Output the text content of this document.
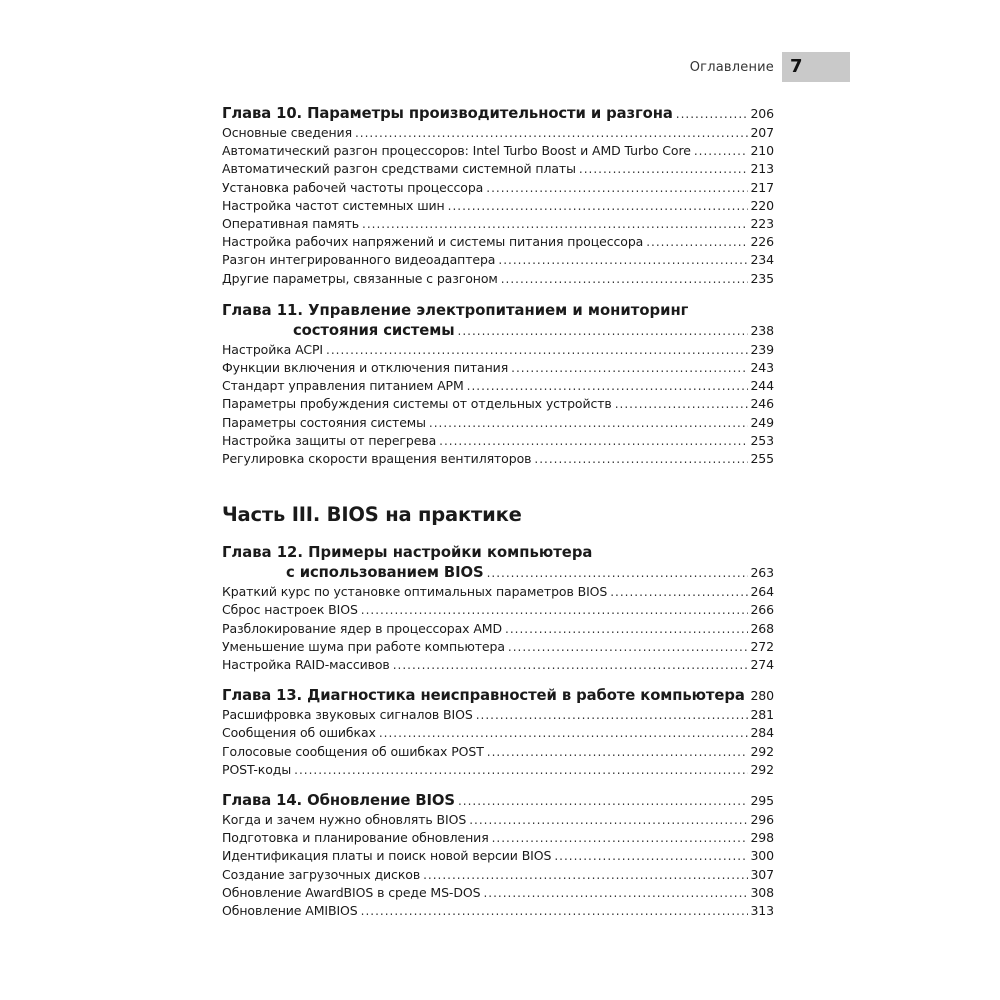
Оглавление 7
Глава 10. Параметры производительности и разгона .....	206
Основные сведения .....	207
Автоматический разгон процессоров: Intel Turbo Boost и AMD Turbo Core .....	210
Автоматический разгон средствами системной платы .....	213
Установка рабочей частоты процессора .....	217
Настройка частот системных шин .....	220
Оперативная память .....	223
Настройка рабочих напряжений и системы питания процессора .....	226
Разгон интегрированного видеоадаптера .....	234
Другие параметры, связанные с разгоном .....	235
Глава 11. Управление электропитанием и мониторинг
состояния системы .....	238
Настройка ACPI .....	239
Функции включения и отключения питания .....	243
Стандарт управления питанием APM .....	244
Параметры пробуждения системы от отдельных устройств .....	246
Параметры состояния системы .....	249
Настройка защиты от перегрева .....	253
Регулировка скорости вращения вентиляторов .....	255
Часть III. BIOS на практике
Глава 12. Примеры настройки компьютера
с использованием BIOS .....	263
Краткий курс по установке оптимальных параметров BIOS .....	264
Сброс настроек BIOS .....	266
Разблокирование ядер в процессорах AMD .....	268
Уменьшение шума при работе компьютера .....	272
Настройка RAID-массивов .....	274
Глава 13. Диагностика неисправностей в работе компьютера ..... 280
Расшифровка звуковых сигналов BIOS .....	281
Сообщения об ошибках .....	284
Голосовые сообщения об ошибках POST .....	292
POST-коды .....	292
Глава 14. Обновление BIOS .....	295
Когда и зачем нужно обновлять BIOS .....	296
Подготовка и планирование обновления .....	298
Идентификация платы и поиск новой версии BIOS .....	300
Создание загрузочных дисков .....	307
Обновление AwardBIOS в среде MS-DOS .....	308
Обновление AMIBIOS .....	313
